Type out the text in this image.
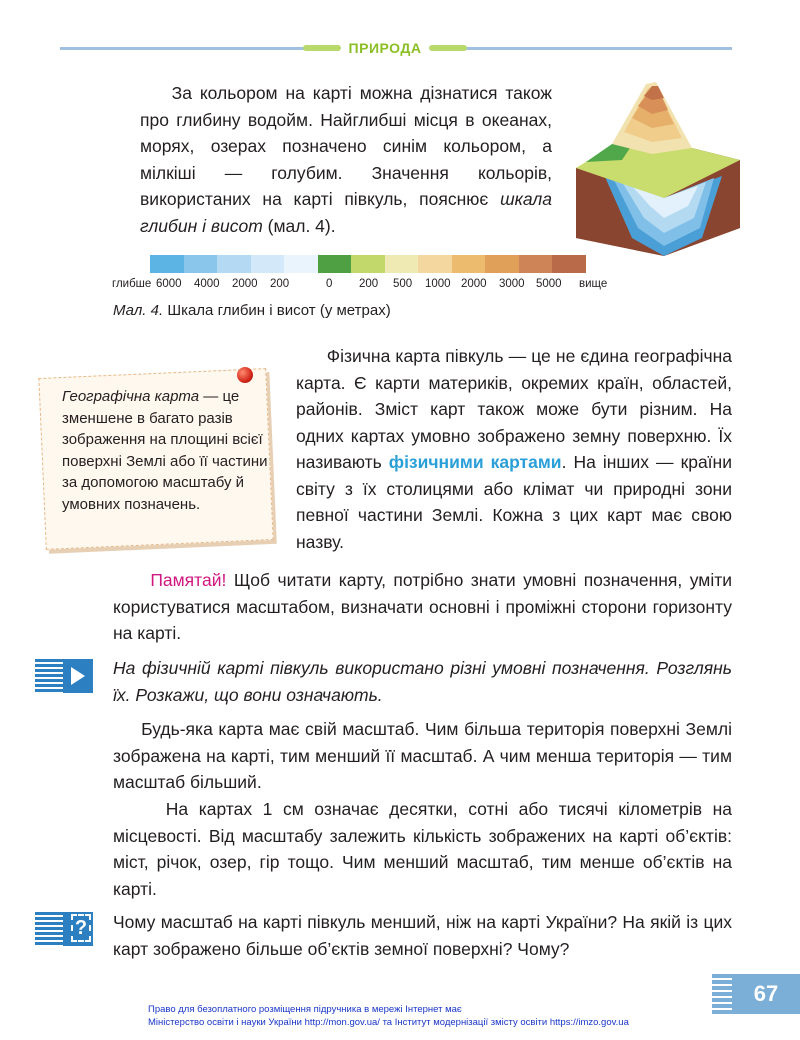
ПРИРОДА

За кольором на карті можна дізнатися також про глибину водойм. Найглибші місця в океанах, морях, озерах позначено синім кольором, а мілкіші — голубим. Значення кольорів, використаних на карті півкуль, пояснює шкала глибин і висот (мал. 4).

глибше 6000 4000 2000 200	0 200 500 1000 2000 3000 5000 вище
Мал. 4. Шкала глибин і висот (у метрах)

Географічна карта — це зменшене в багато разів зображення на площині всієї поверхні Землі або її частини за допомогою масштабу й умовних позначень.

Фізична карта півкуль — це не єдина географічна карта. Є карти материків, окремих країн, областей, районів. Зміст карт також може бути різним. На одних картах умовно зображено земну поверхню. Їх називають фізичними картами. На інших — країни світу з їх столицями або клімат чи природні зони певної частини Землі. Кожна з цих карт має свою назву.

Памятай! Щоб читати карту, потрібно знати умовні позначення, уміти користуватися масштабом, визначати основні і проміжні сторони горизонту на карті.

На фізичній карті півкуль використано різні умовні позначення. Розглянь їх. Розкажи, що вони означають.

Будь-яка карта має свій масштаб. Чим більша територія поверхні Землі зображена на карті, тим менший її масштаб. А чим менша територія — тим масштаб більший.

На картах 1 см означає десятки, сотні або тисячі кілометрів на місцевості. Від масштабу залежить кількість зображених на карті об’єктів: міст, річок, озер, гір тощо. Чим менший масштаб, тим менше об’єктів на карті.

? Чому масштаб на карті півкуль менший, ніж на карті України? На якій із цих карт зображено більше об’єктів земної поверхні? Чому?

67
Право для безоплатного розміщення підручника в мережі Інтернет має
Міністерство освіти і науки України http://mon.gov.ua/ та Інститут модернізації змісту освіти https://imzo.gov.ua
